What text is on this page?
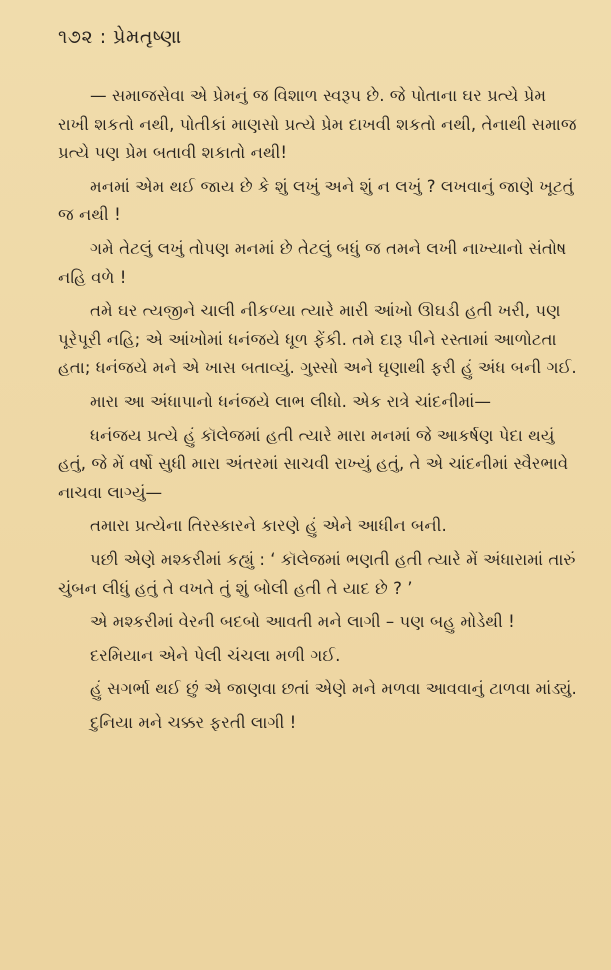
૧૭૨ : પ્રેમતૃષ્ણા

— સમાજસેવા એ પ્રેમનું જ વિશાળ સ્વરૂપ છે. જે પોતાના ઘર પ્રત્યે પ્રેમ રાખી શકતો નથી, પોતીકાં માણસો પ્રત્યે પ્રેમ દાખવી શકતો નથી, તેનાથી સમાજ પ્રત્યે પણ પ્રેમ બતાવી શકાતો નથી!

મનમાં એમ થઈ જાય છે કે શું લખું અને શું ન લખું ? લખવાનું જાણે ખૂટતું જ નથી !

ગમે તેટલું લખું તોપણ મનમાં છે તેટલું બધું જ તમને લખી નાખ્યાનો સંતોષ નહિ વળે !

તમે ઘર ત્યજીને ચાલી નીકળ્યા ત્યારે મારી આંખો ઊઘડી હતી ખરી, પણ પૂરેપૂરી નહિ; એ આંખોમાં ધનંજયે ધૂળ ફેંકી. તમે દારૂ પીને રસ્તામાં આળોટતા હતા; ધનંજયે મને એ ખાસ બતાવ્યું. ગુસ્સો અને ઘૃણાથી ફરી હું અંધ બની ગઈ.

મારા આ અંધાપાનો ધનંજયે લાભ લીધો. એક રાત્રે ચાંદનીમાં—

ધનંજય પ્રત્યે હું કૉલેજમાં હતી ત્યારે મારા મનમાં જે આકર્ષણ પેદા થયું હતું, જે મેં વર્ષો સુધી મારા અંતરમાં સાચવી રાખ્યું હતું, તે એ ચાંદનીમાં સ્વૈરભાવે નાચવા લાગ્યું—

તમારા પ્રત્યેના તિરસ્કારને કારણે હું એને આધીન બની.

પછી એણે મશ્કરીમાં કહ્યું : ‘ કૉલેજમાં ભણતી હતી ત્યારે મેં અંધારામાં તારું ચુંબન લીધું હતું તે વખતે તું શું બોલી હતી તે યાદ છે ? ’

એ મશ્કરીમાં વેરની બદબો આવતી મને લાગી – પણ બહુ મોડેથી !

દરમિયાન એને પેલી ચંચલા મળી ગઈ.

હું સગર્ભા થઈ છું એ જાણવા છતાં એણે મને મળવા આવવાનું ટાળવા માંડ્યું.

દુનિયા મને ચક્કર ફરતી લાગી !
